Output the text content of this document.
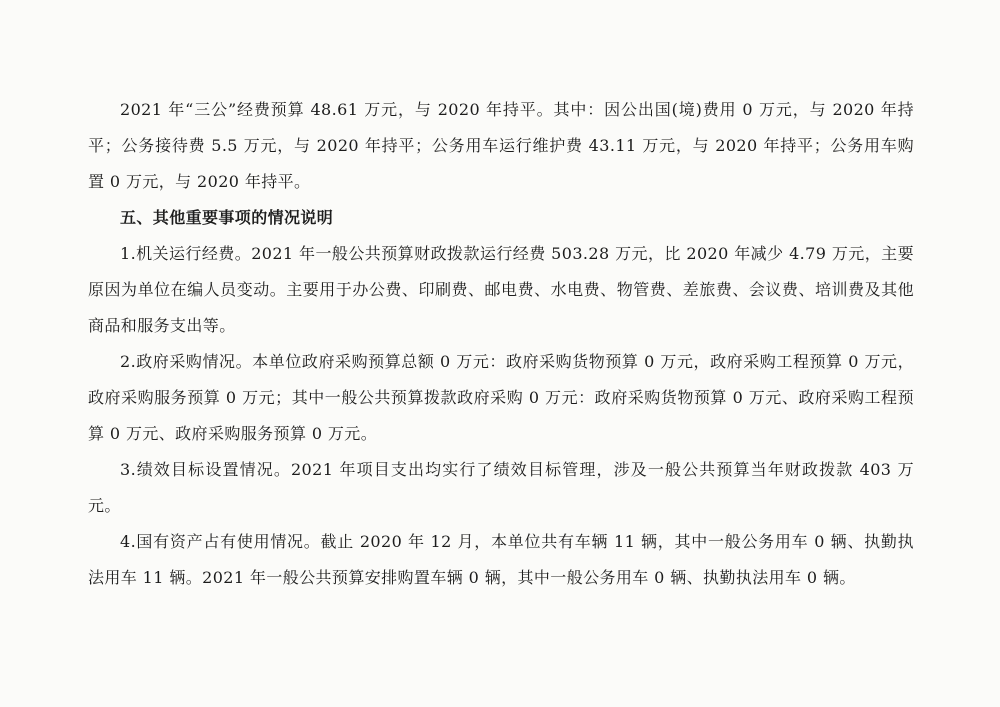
2021 年“三公”经费预算 48.61 万元，与 2020 年持平。其中：因公出国(境)费用 0 万元，与 2020 年持平；公务接待费 5.5 万元，与 2020 年持平；公务用车运行维护费 43.11 万元，与 2020 年持平；公务用车购置 0 万元，与 2020 年持平。

五、其他重要事项的情况说明

1.机关运行经费。2021 年一般公共预算财政拨款运行经费 503.28 万元，比 2020 年减少 4.79 万元，主要原因为单位在编人员变动。主要用于办公费、印刷费、邮电费、水电费、物管费、差旅费、会议费、培训费及其他商品和服务支出等。

2.政府采购情况。本单位政府采购预算总额 0 万元：政府采购货物预算 0 万元，政府采购工程预算 0 万元，政府采购服务预算 0 万元；其中一般公共预算拨款政府采购 0 万元：政府采购货物预算 0 万元、政府采购工程预算 0 万元、政府采购服务预算 0 万元。

3.绩效目标设置情况。2021 年项目支出均实行了绩效目标管理，涉及一般公共预算当年财政拨款 403 万元。

4.国有资产占有使用情况。截止 2020 年 12 月，本单位共有车辆 11 辆，其中一般公务用车 0 辆、执勤执法用车 11 辆。2021 年一般公共预算安排购置车辆 0 辆，其中一般公务用车 0 辆、执勤执法用车 0 辆。
